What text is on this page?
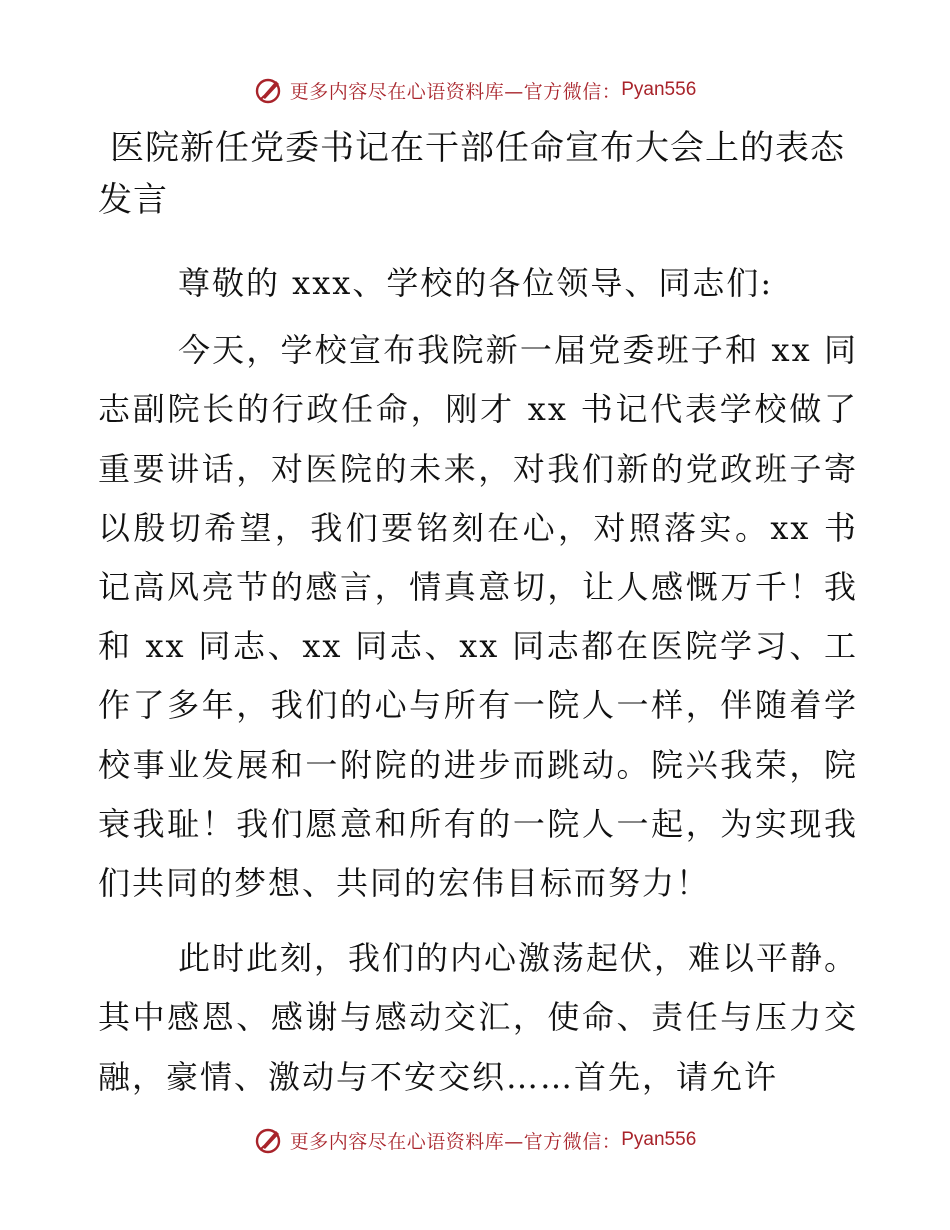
更多内容尽在心语资料库—官方微信： Pyan556
医院新任党委书记在干部任命宣布大会上的表态发言

尊敬的 xxx、学校的各位领导、同志们:

今天，学校宣布我院新一届党委班子和 xx 同志副院长的行政任命，刚才 xx 书记代表学校做了重要讲话，对医院的未来，对我们新的党政班子寄以殷切希望，我们要铭刻在心，对照落实。xx 书记高风亮节的感言，情真意切，让人感慨万千！我和 xx 同志、xx 同志、xx 同志都在医院学习、工作了多年，我们的心与所有一院人一样，伴随着学校事业发展和一附院的进步而跳动。院兴我荣，院衰我耻！我们愿意和所有的一院人一起，为实现我们共同的梦想、共同的宏伟目标而努力！

此时此刻，我们的内心激荡起伏，难以平静。其中感恩、感谢与感动交汇，使命、责任与压力交融，豪情、激动与不安交织……首先，请允许

更多内容尽在心语资料库—官方微信： Pyan556
